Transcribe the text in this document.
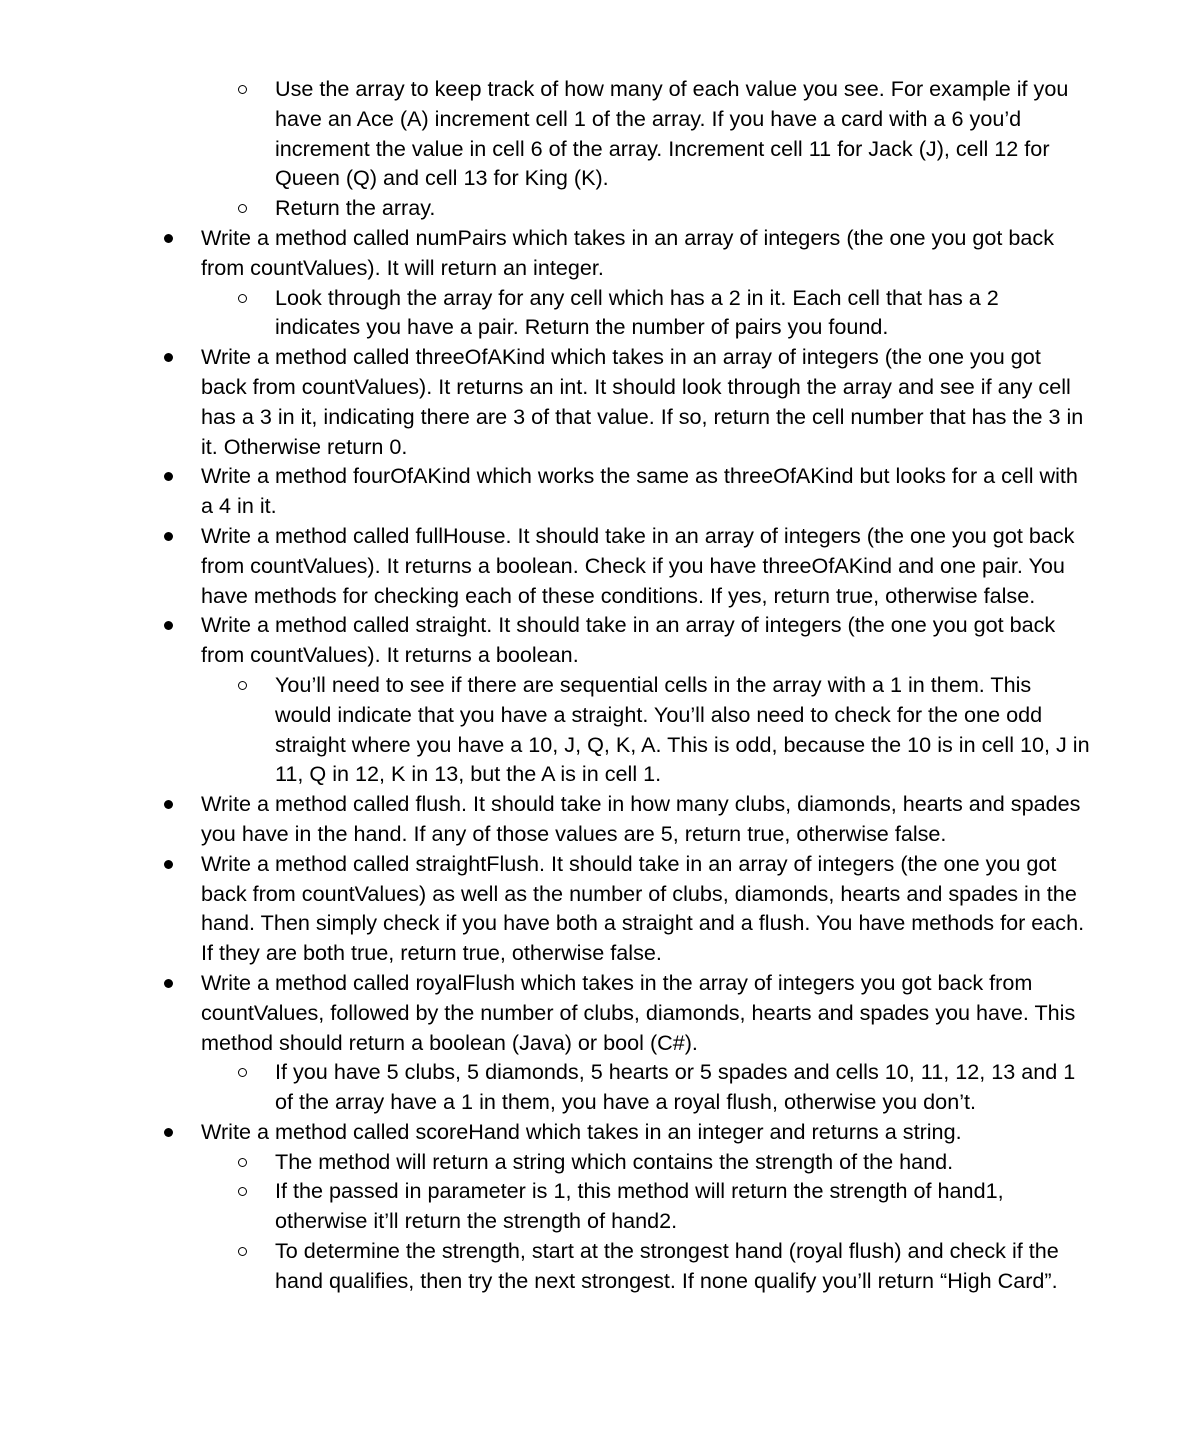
Use the array to keep track of how many of each value you see. For example if you have an Ace (A) increment cell 1 of the array. If you have a card with a 6 you’d increment the value in cell 6 of the array. Increment cell 11 for Jack (J), cell 12 for Queen (Q) and cell 13 for King (K).
Return the array.
Write a method called numPairs which takes in an array of integers (the one you got back from countValues). It will return an integer.
Look through the array for any cell which has a 2 in it. Each cell that has a 2 indicates you have a pair. Return the number of pairs you found.
Write a method called threeOfAKind which takes in an array of integers (the one you got back from countValues). It returns an int. It should look through the array and see if any cell has a 3 in it, indicating there are 3 of that value. If so, return the cell number that has the 3 in it. Otherwise return 0.
Write a method fourOfAKind which works the same as threeOfAKind but looks for a cell with a 4 in it.
Write a method called fullHouse. It should take in an array of integers (the one you got back from countValues). It returns a boolean. Check if you have threeOfAKind and one pair. You have methods for checking each of these conditions. If yes, return true, otherwise false.
Write a method called straight. It should take in an array of integers (the one you got back from countValues). It returns a boolean.
You’ll need to see if there are sequential cells in the array with a 1 in them. This would indicate that you have a straight. You’ll also need to check for the one odd straight where you have a 10, J, Q, K, A. This is odd, because the 10 is in cell 10, J in 11, Q in 12, K in 13, but the A is in cell 1.
Write a method called flush. It should take in how many clubs, diamonds, hearts and spades you have in the hand. If any of those values are 5, return true, otherwise false.
Write a method called straightFlush. It should take in an array of integers (the one you got back from countValues) as well as the number of clubs, diamonds, hearts and spades in the hand. Then simply check if you have both a straight and a flush. You have methods for each. If they are both true, return true, otherwise false.
Write a method called royalFlush which takes in the array of integers you got back from countValues, followed by the number of clubs, diamonds, hearts and spades you have. This method should return a boolean (Java) or bool (C#).
If you have 5 clubs, 5 diamonds, 5 hearts or 5 spades and cells 10, 11, 12, 13 and 1 of the array have a 1 in them, you have a royal flush, otherwise you don’t.
Write a method called scoreHand which takes in an integer and returns a string.
The method will return a string which contains the strength of the hand.
If the passed in parameter is 1, this method will return the strength of hand1, otherwise it’ll return the strength of hand2.
To determine the strength, start at the strongest hand (royal flush) and check if the hand qualifies, then try the next strongest. If none qualify you’ll return “High Card”.
